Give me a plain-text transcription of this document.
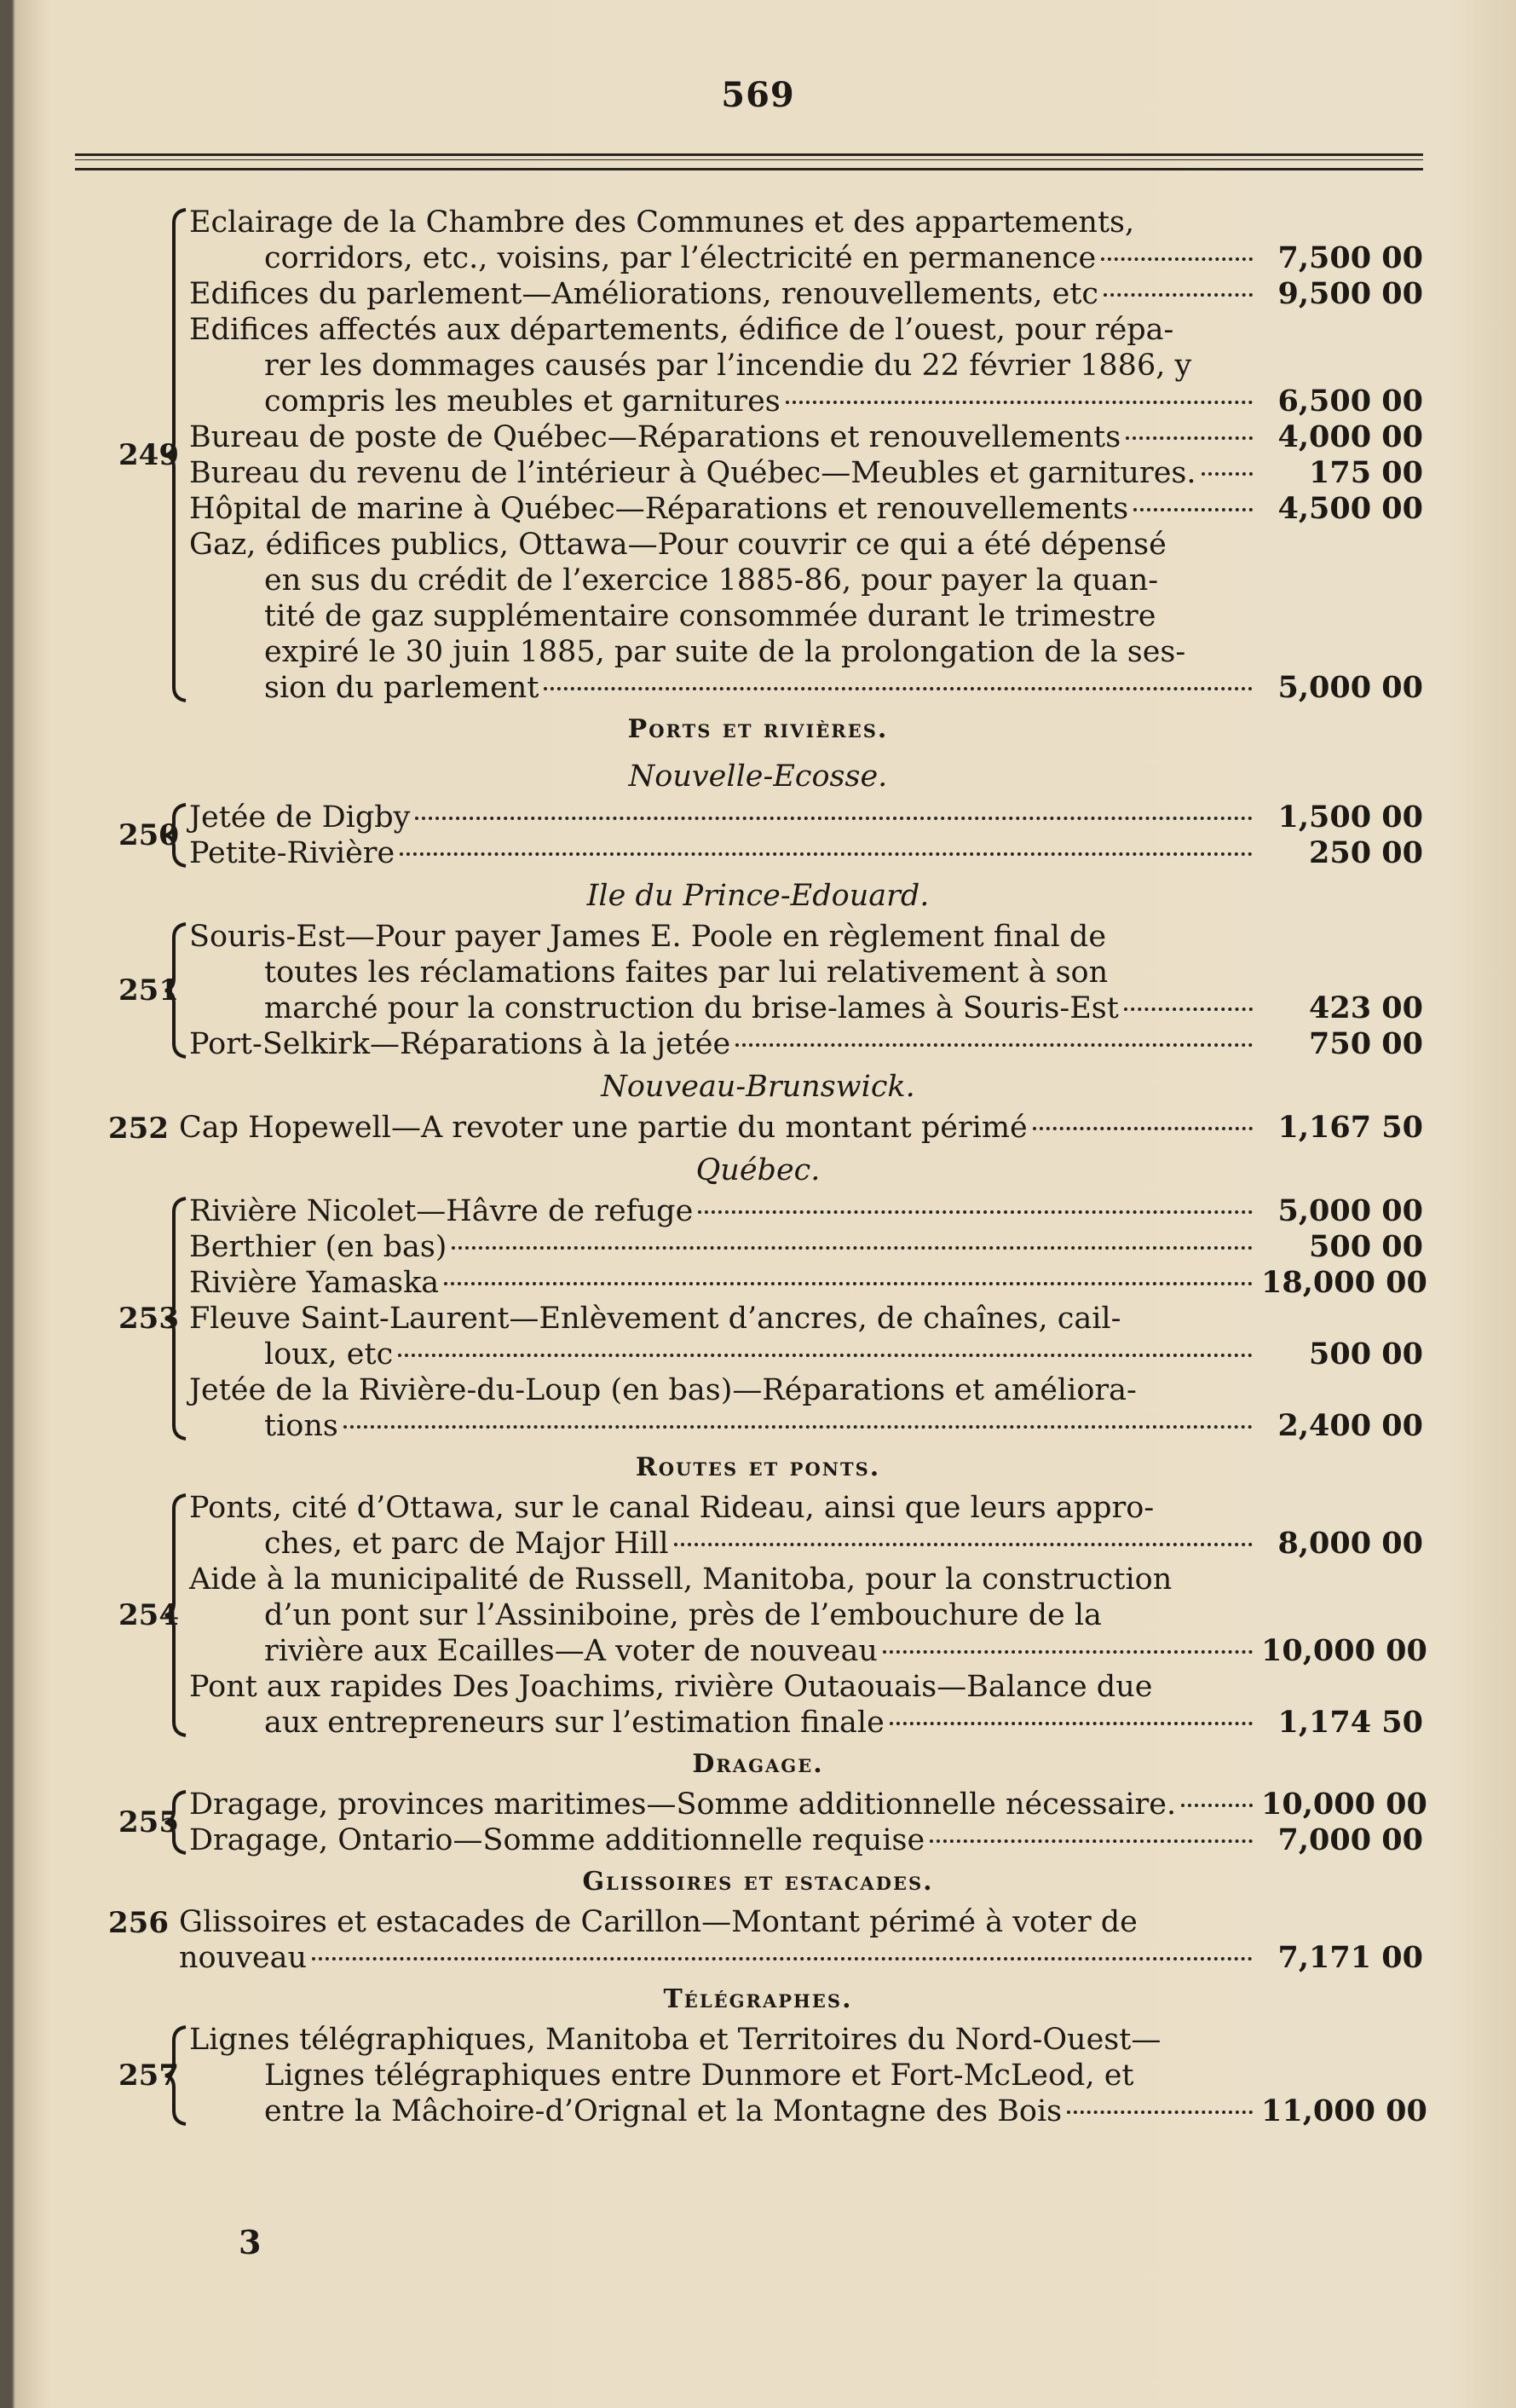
569
249
Eclairage de la Chambre des Communes et des appartements,
corridors, etc., voisins, par l’électricité en permanence	7,500 00
Edifices du parlement—Améliorations, renouvellements, etc	9,500 00
Edifices affectés aux départements, édifice de l’ouest, pour répa-
rer les dommages causés par l’incendie du 22 février 1886, y
compris les meubles et garnitures	6,500 00
Bureau de poste de Québec—Réparations et renouvellements	4,000 00
Bureau du revenu de l’intérieur à Québec—Meubles et garnitures.	175 00
Hôpital de marine à Québec—Réparations et renouvellements	4,500 00
Gaz, édifices publics, Ottawa—Pour couvrir ce qui a été dépensé
en sus du crédit de l’exercice 1885-86, pour payer la quan-
tité de gaz supplémentaire consommée durant le trimestre
expiré le 30 juin 1885, par suite de la prolongation de la ses-
sion du parlement	5,000 00
Ports et rivières.
Nouvelle-Ecosse.
250
Jetée de Digby	1,500 00
Petite-Rivière	250 00
Ile du Prince-Edouard.
251
Souris-Est—Pour payer James E. Poole en règlement final de
toutes les réclamations faites par lui relativement à son
marché pour la construction du brise-lames à Souris-Est	423 00
Port-Selkirk—Réparations à la jetée	750 00
Nouveau-Brunswick.
252 Cap Hopewell—A revoter une partie du montant périmé	1,167 50
Québec.
253
Rivière Nicolet—Hâvre de refuge	5,000 00
Berthier (en bas)	500 00
Rivière Yamaska	18,000 00
Fleuve Saint-Laurent—Enlèvement d’ancres, de chaînes, cail-
loux, etc	500 00
Jetée de la Rivière-du-Loup (en bas)—Réparations et améliora-
tions	2,400 00
Routes et ponts.
254
Ponts, cité d’Ottawa, sur le canal Rideau, ainsi que leurs appro-
ches, et parc de Major Hill	8,000 00
Aide à la municipalité de Russell, Manitoba, pour la construction
d’un pont sur l’Assiniboine, près de l’embouchure de la
rivière aux Ecailles—A voter de nouveau	10,000 00
Pont aux rapides Des Joachims, rivière Outaouais—Balance due
aux entrepreneurs sur l’estimation finale	1,174 50
Dragage.
255
Dragage, provinces maritimes—Somme additionnelle nécessaire.	10,000 00
Dragage, Ontario—Somme additionnelle requise	7,000 00
Glissoires et estacades.
256 Glissoires et estacades de Carillon—Montant périmé à voter de
nouveau	7,171 00
Télégraphes.
257
Lignes télégraphiques, Manitoba et Territoires du Nord-Ouest—
Lignes télégraphiques entre Dunmore et Fort-McLeod, et
entre la Mâchoire-d’Orignal et la Montagne des Bois	11,000 00
3
